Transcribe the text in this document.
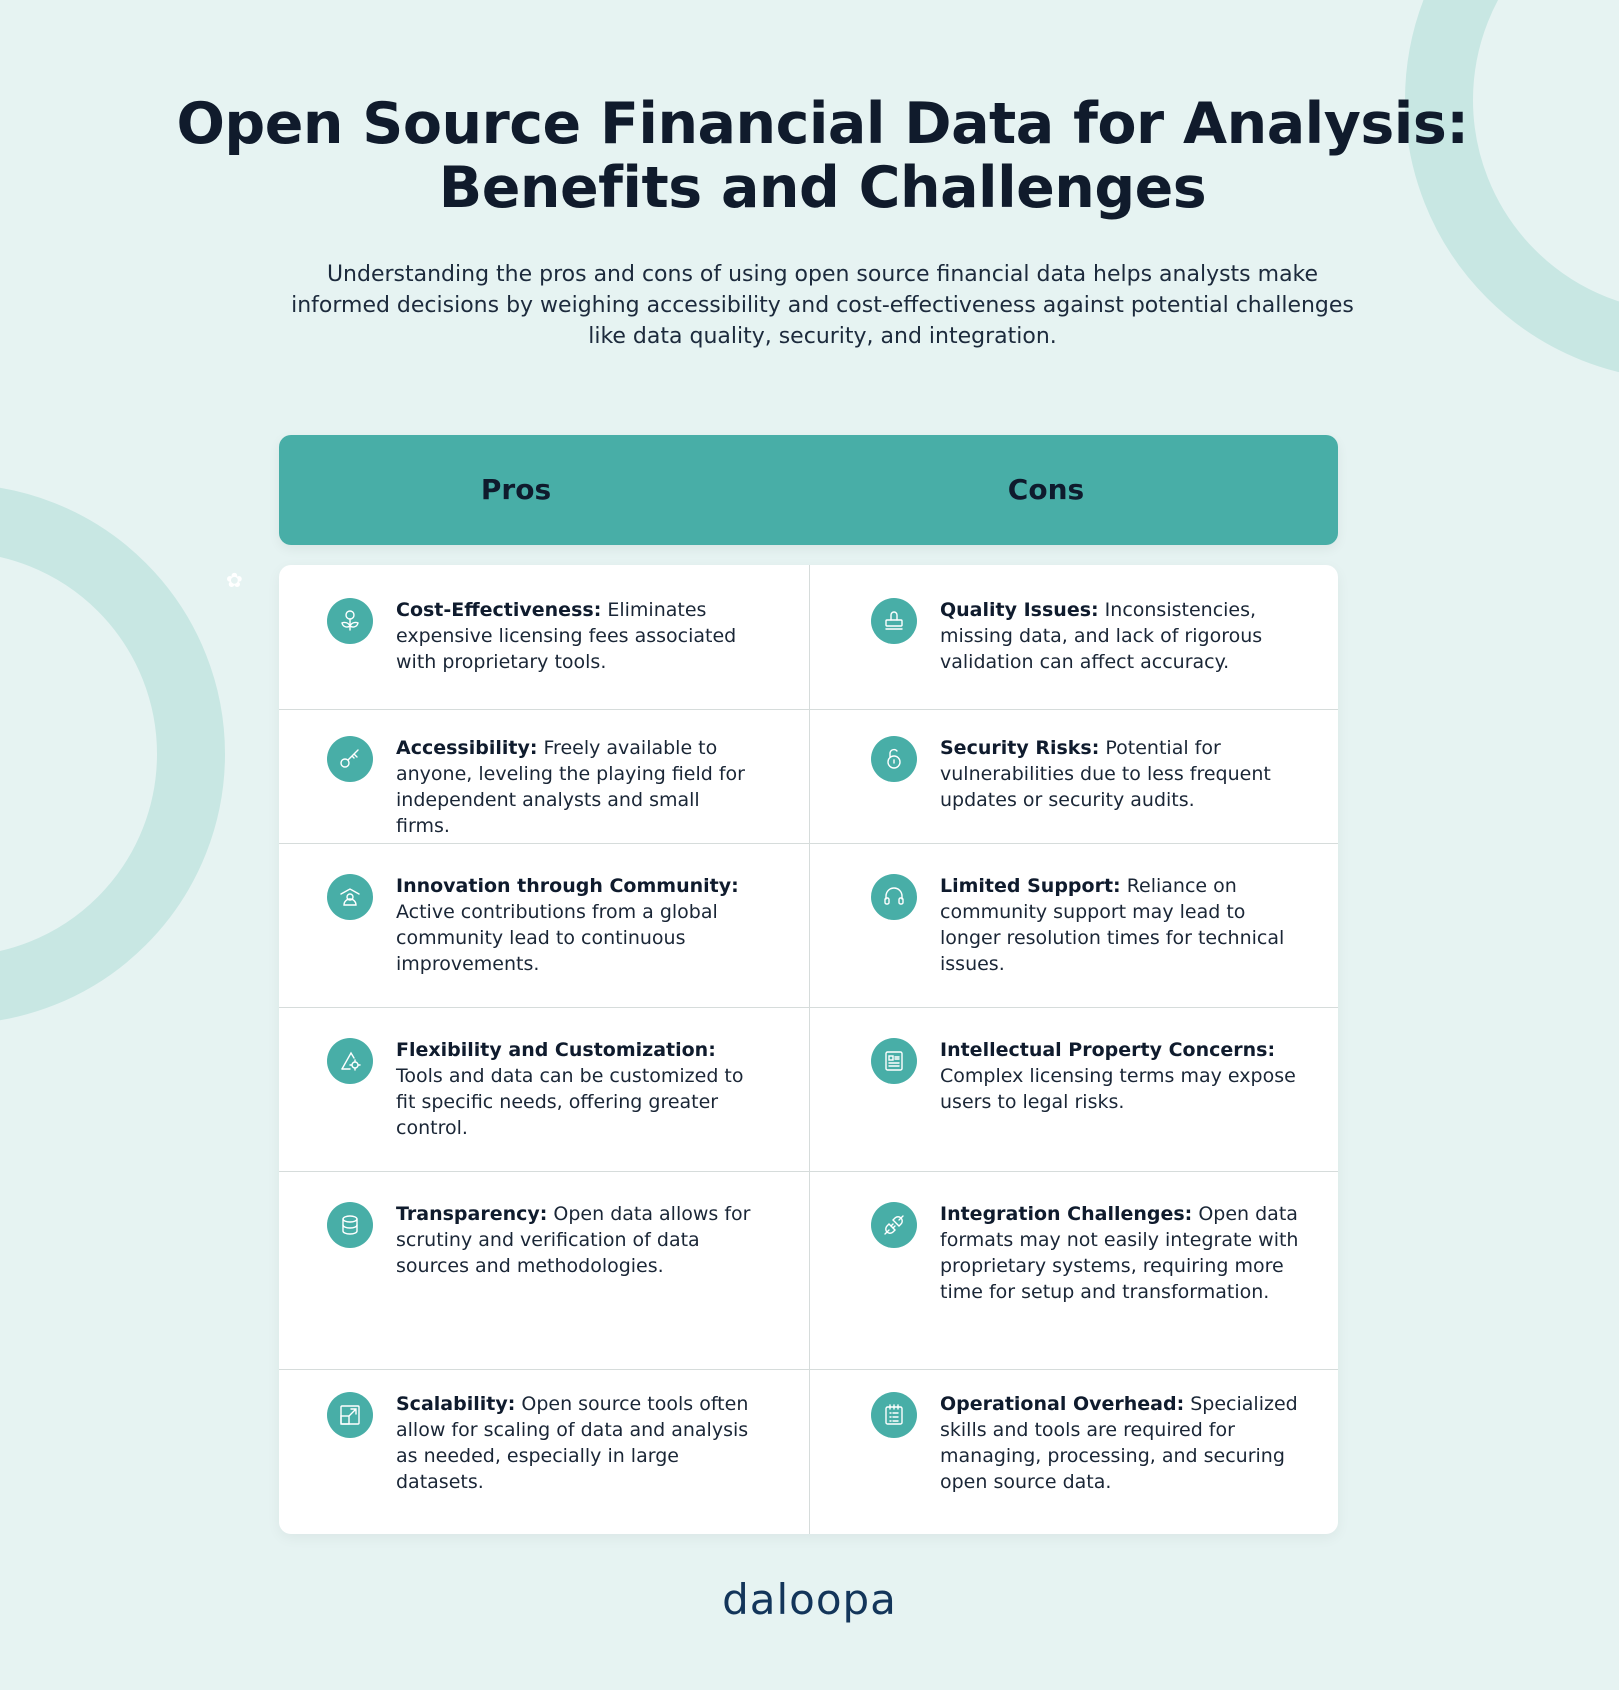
✿
Open Source Financial Data for Analysis:
Benefits and Challenges

Understanding the pros and cons of using open source financial data helps analysts make informed decisions by weighing accessibility and cost-effectiveness against potential challenges like data quality, security, and integration.

Pros	Cons
Cost-Effectiveness: Eliminates expensive licensing fees associated with proprietary tools.
Quality Issues: Inconsistencies, missing data, and lack of rigorous validation can affect accuracy.
Accessibility: Freely available to anyone, leveling the playing field for independent analysts and small firms.
Security Risks: Potential for vulnerabilities due to less frequent updates or security audits.
Innovation through Community: Active contributions from a global community lead to continuous improvements.
Limited Support: Reliance on community support may lead to longer resolution times for technical issues.
Flexibility and Customization: Tools and data can be customized to fit specific needs, offering greater control.
Intellectual Property Concerns: Complex licensing terms may expose users to legal risks.
Transparency: Open data allows for scrutiny and verification of data sources and methodologies.
Integration Challenges: Open data formats may not easily integrate with proprietary systems, requiring more time for setup and transformation.
Scalability: Open source tools often allow for scaling of data and analysis as needed, especially in large datasets.
Operational Overhead: Specialized skills and tools are required for managing, processing, and securing open source data.
daloopa
